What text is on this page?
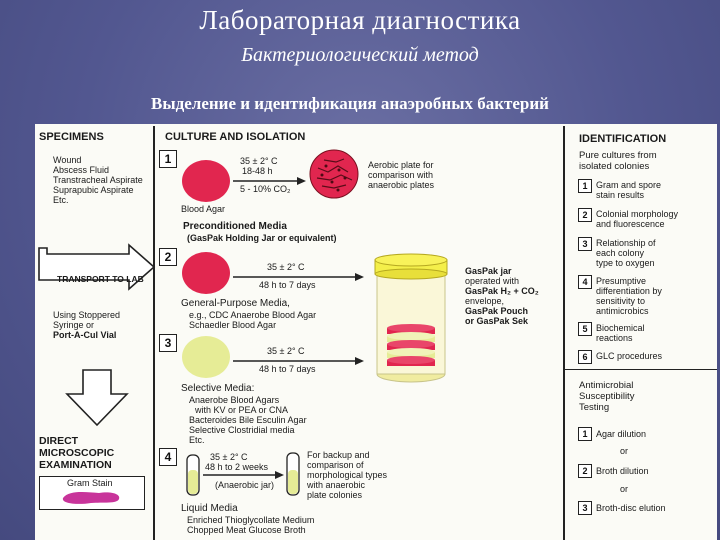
Лабораторная диагностика
Бактериологический метод
Выделение и идентификация анаэробных бактерий
SPECIMENS
Wound
Abscess Fluid
Transtracheal Aspirate
Suprapubic Aspirate
Etc.
TRANSPORT TO LAB
Using Stoppered
Syringe or
Port-A-Cul Vial
DIRECT
MICROSCOPIC
EXAMINATION
Gram Stain
CULTURE AND ISOLATION
1
Blood Agar
35 ± 2° C
18-48 h
5 - 10% CO₂
Aerobic plate for
comparison with
anaerobic plates
Preconditioned Media
(GasPak Holding Jar or equivalent)
2
35 ± 2° C
48 h to 7 days
General-Purpose Media,
e.g., CDC Anaerobe Blood Agar
Schaedler Blood Agar
3
35 ± 2° C
48 h to 7 days
Selective Media:
Anaerobe Blood Agars
with KV or PEA or CNA
Bacteroides Bile Esculin Agar
Selective Clostridial media
Etc.
4	35 ± 2° C
48 h to 2 weeks
(Anaerobic jar)
For backup and
comparison of
morphological types
with anaerobic
plate colonies
Liquid Media
Enriched Thioglycollate Medium
Chopped Meat Glucose Broth
GasPak jar
operated with
GasPak H₂ + CO₂
envelope,
GasPak Pouch
or GasPak Sek
IDENTIFICATION
Pure cultures from
isolated colonies
1 Gram and spore
stain results
2 Colonial morphology
and fluorescence
3 Relationship of
each colony
type to oxygen
4 Presumptive
differentiation by
sensitivity to
antimicrobics
5 Biochemical
reactions
6 GLC procedures
Antimicrobial
Susceptibility
Testing
1 Agar dilution
or
2 Broth dilution
or
3 Broth-disc elution
